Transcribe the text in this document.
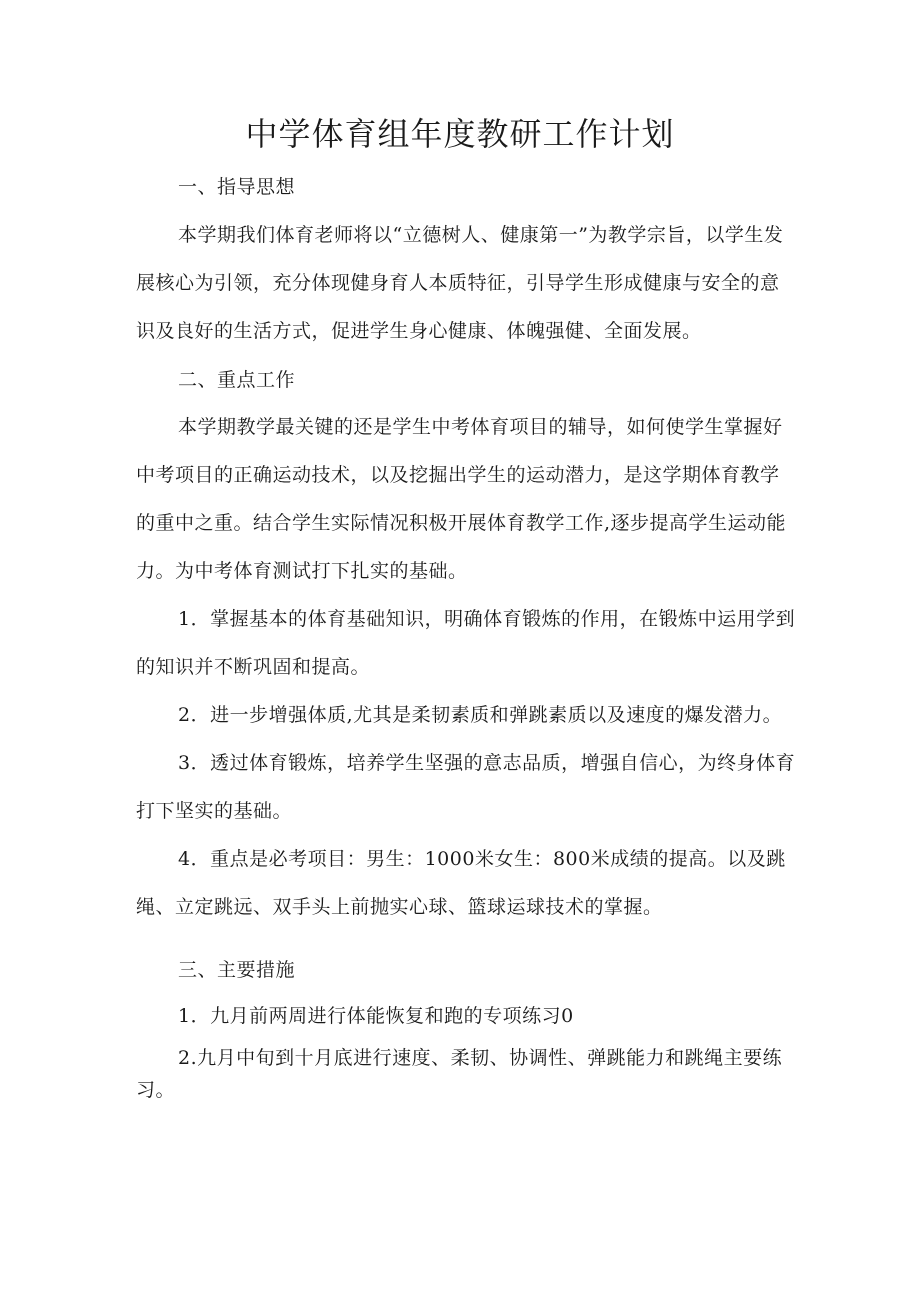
中学体育组年度教研工作计划
一、指导思想

本学期我们体育老师将以“立德树人、健康第一”为教学宗旨，以学生发展核心为引领，充分体现健身育人本质特征，引导学生形成健康与安全的意识及良好的生活方式，促进学生身心健康、体魄强健、全面发展。

二、重点工作

本学期教学最关键的还是学生中考体育项目的辅导，如何使学生掌握好中考项目的正确运动技术，以及挖掘出学生的运动潜力，是这学期体育教学的重中之重。结合学生实际情况积极开展体育教学工作,逐步提高学生运动能力。为中考体育测试打下扎实的基础。

1．掌握基本的体育基础知识，明确体育锻炼的作用，在锻炼中运用学到的知识并不断巩固和提高。

2．进一步增强体质,尤其是柔韧素质和弹跳素质以及速度的爆发潜力。

3．透过体育锻炼，培养学生坚强的意志品质，增强自信心，为终身体育打下坚实的基础。

4．重点是必考项目：男生：1000米女生：800米成绩的提高。以及跳绳、立定跳远、双手头上前抛实心球、篮球运球技术的掌握。

三、主要措施

1．九月前两周进行体能恢复和跑的专项练习0

2.九月中旬到十月底进行速度、柔韧、协调性、弹跳能力和跳绳主要练习。
